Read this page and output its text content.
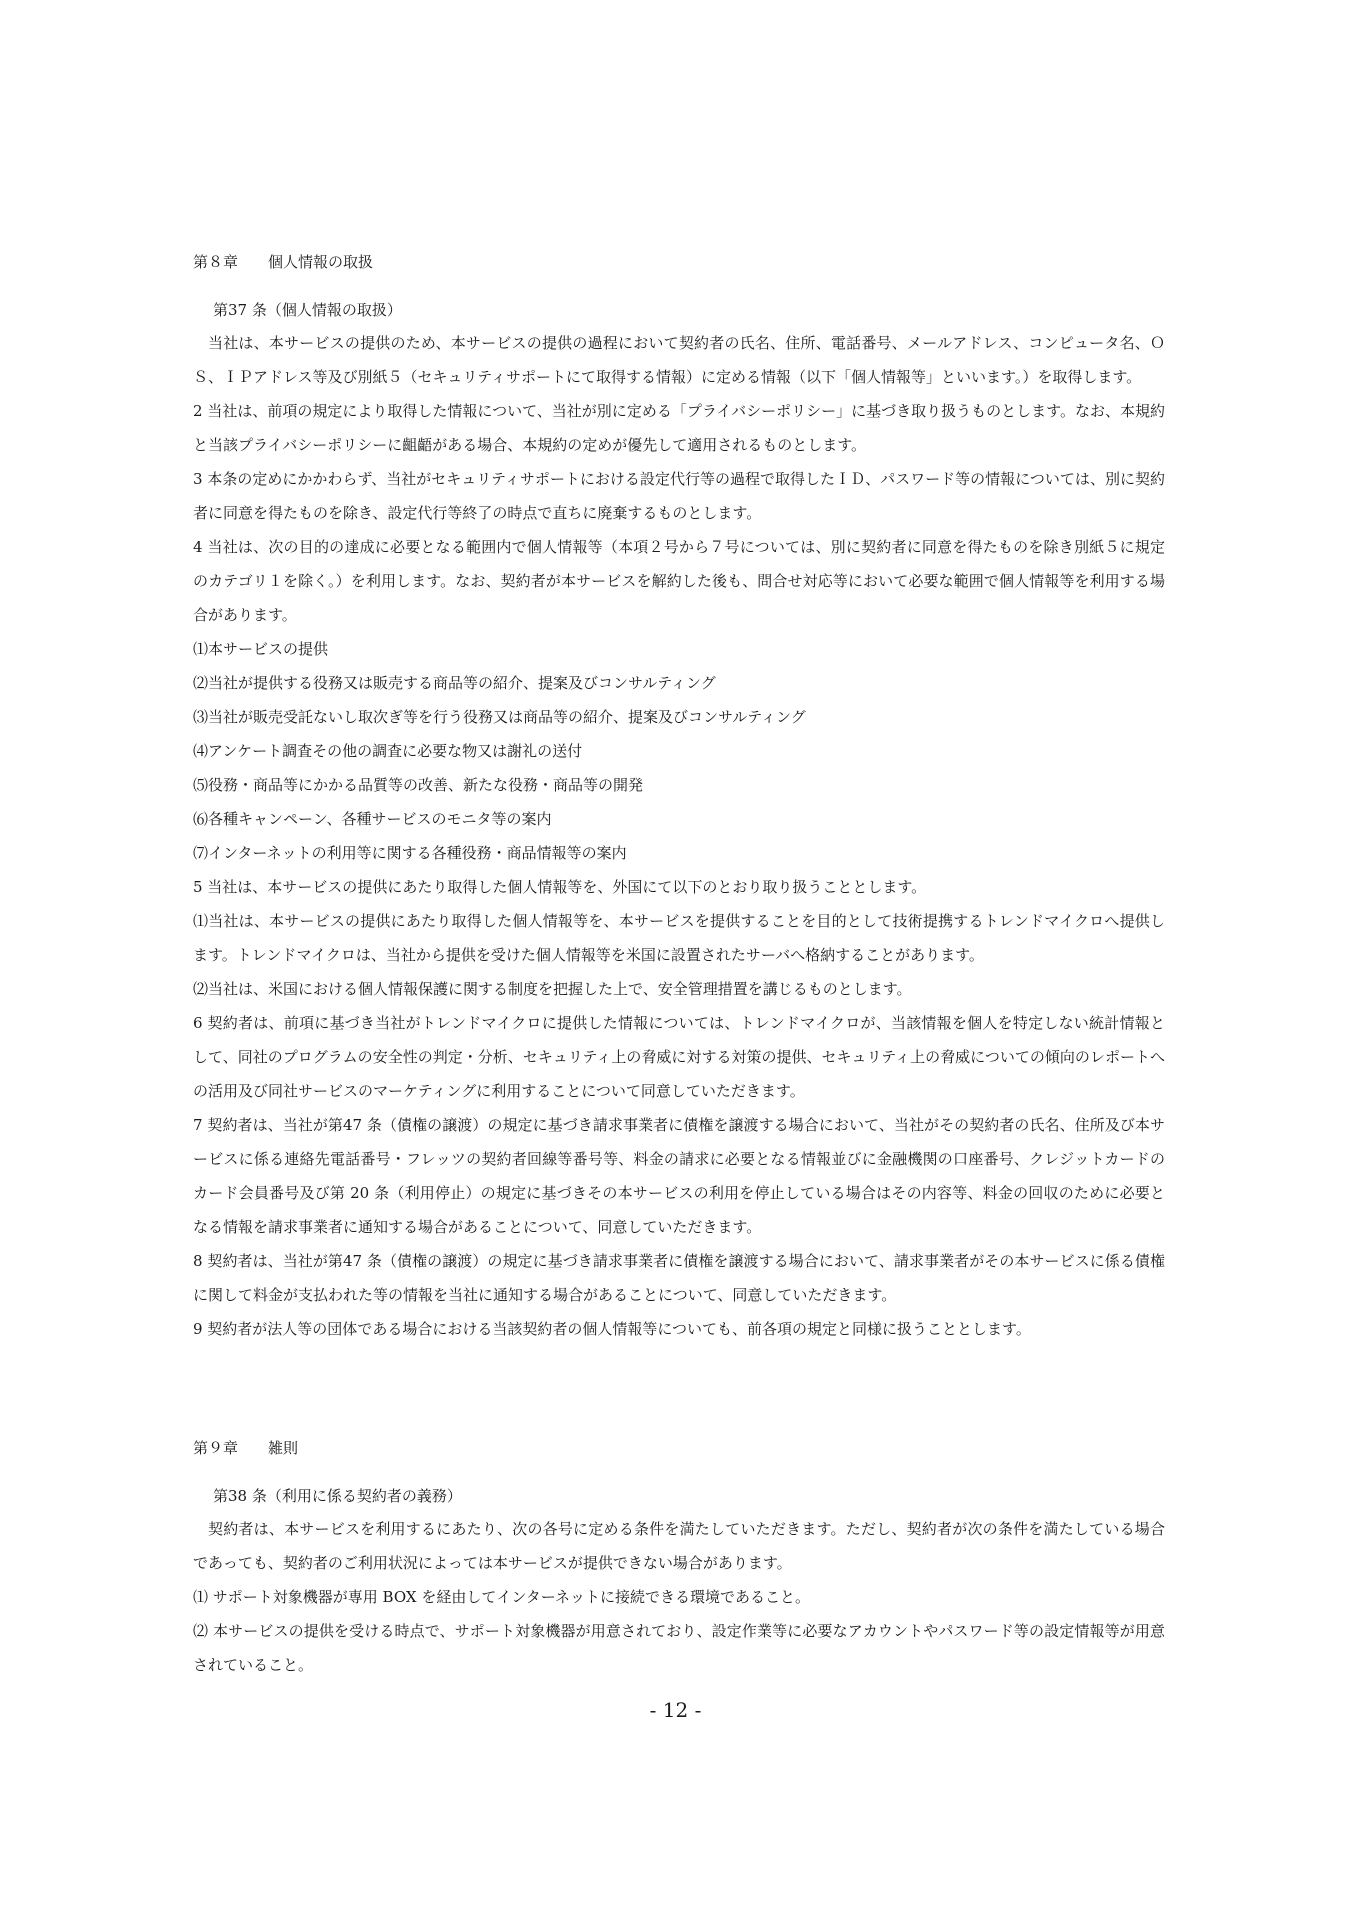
第８章　　個人情報の取扱
第37 条（個人情報の取扱）

当社は、本サービスの提供のため、本サービスの提供の過程において契約者の氏名、住所、電話番号、メールアドレス、コンピュータ名、ＯＳ、ＩＰアドレス等及び別紙５（セキュリティサポートにて取得する情報）に定める情報（以下「個人情報等」といいます。）を取得します。

2 当社は、前項の規定により取得した情報について、当社が別に定める「プライバシーポリシー」に基づき取り扱うものとします。なお、本規約と当該プライバシーポリシーに齟齬がある場合、本規約の定めが優先して適用されるものとします。

3 本条の定めにかかわらず、当社がセキュリティサポートにおける設定代行等の過程で取得したＩＤ、パスワード等の情報については、別に契約者に同意を得たものを除き、設定代行等終了の時点で直ちに廃棄するものとします。

4 当社は、次の目的の達成に必要となる範囲内で個人情報等（本項２号から７号については、別に契約者に同意を得たものを除き別紙５に規定のカテゴリ１を除く。）を利用します。なお、契約者が本サービスを解約した後も、問合せ対応等において必要な範囲で個人情報等を利用する場合があります。

⑴本サービスの提供

⑵当社が提供する役務又は販売する商品等の紹介、提案及びコンサルティング

⑶当社が販売受託ないし取次ぎ等を行う役務又は商品等の紹介、提案及びコンサルティング

⑷アンケート調査その他の調査に必要な物又は謝礼の送付

⑸役務・商品等にかかる品質等の改善、新たな役務・商品等の開発

⑹各種キャンペーン、各種サービスのモニタ等の案内

⑺インターネットの利用等に関する各種役務・商品情報等の案内

5 当社は、本サービスの提供にあたり取得した個人情報等を、外国にて以下のとおり取り扱うこととします。

⑴当社は、本サービスの提供にあたり取得した個人情報等を、本サービスを提供することを目的として技術提携するトレンドマイクロへ提供します。トレンドマイクロは、当社から提供を受けた個人情報等を米国に設置されたサーバへ格納することがあります。

⑵当社は、米国における個人情報保護に関する制度を把握した上で、安全管理措置を講じるものとします。

6 契約者は、前項に基づき当社がトレンドマイクロに提供した情報については、トレンドマイクロが、当該情報を個人を特定しない統計情報として、同社のプログラムの安全性の判定・分析、セキュリティ上の脅威に対する対策の提供、セキュリティ上の脅威についての傾向のレポートへの活用及び同社サービスのマーケティングに利用することについて同意していただきます。

7 契約者は、当社が第47 条（債権の譲渡）の規定に基づき請求事業者に債権を譲渡する場合において、当社がその契約者の氏名、住所及び本サービスに係る連絡先電話番号・フレッツの契約者回線等番号等、料金の請求に必要となる情報並びに金融機関の口座番号、クレジットカードのカード会員番号及び第 20 条（利用停止）の規定に基づきその本サービスの利用を停止している場合はその内容等、料金の回収のために必要となる情報を請求事業者に通知する場合があることについて、同意していただきます。

8 契約者は、当社が第47 条（債権の譲渡）の規定に基づき請求事業者に債権を譲渡する場合において、請求事業者がその本サービスに係る債権に関して料金が支払われた等の情報を当社に通知する場合があることについて、同意していただきます。

9 契約者が法人等の団体である場合における当該契約者の個人情報等についても、前各項の規定と同様に扱うこととします。

第９章　　雑則
第38 条（利用に係る契約者の義務）

契約者は、本サービスを利用するにあたり、次の各号に定める条件を満たしていただきます。ただし、契約者が次の条件を満たしている場合であっても、契約者のご利用状況によっては本サービスが提供できない場合があります。

⑴ サポート対象機器が専用 BOX を経由してインターネットに接続できる環境であること。

⑵ 本サービスの提供を受ける時点で、サポート対象機器が用意されており、設定作業等に必要なアカウントやパスワード等の設定情報等が用意されていること。

- 12 -
